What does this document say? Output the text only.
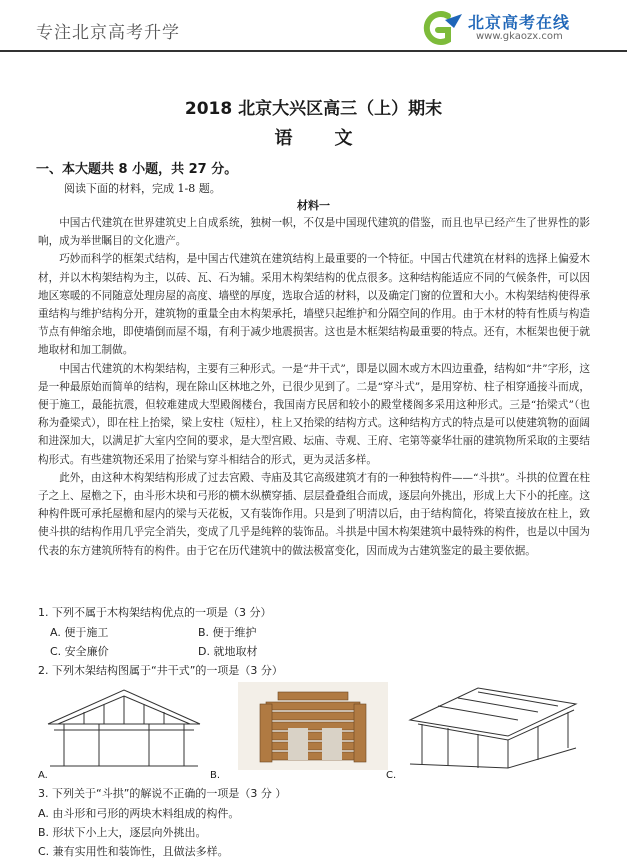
专注北京高考升学
北京高考在线
www.gkaozx.com
2018 北京大兴区高三（上）期末
语文
一、本大题共 8 小题，共 27 分。
阅读下面的材料，完成 1-8 题。
材料一

中国古代建筑在世界建筑史上自成系统，独树一帜，不仅是中国现代建筑的借鉴，而且也早已经产生了世界性的影响，成为举世瞩目的文化遗产。

巧妙而科学的框架式结构，是中国古代建筑在建筑结构上最重要的一个特征。中国古代建筑在材料的选择上偏爱木材，并以木构架结构为主，以砖、瓦、石为辅。采用木构架结构的优点很多。这种结构能适应不同的气候条件，可以因地区寒暖的不同随意处理房屋的高度、墙壁的厚度，选取合适的材料，以及确定门窗的位置和大小。木构架结构使得承重结构与维护结构分开，建筑物的重量全由木构架承托，墙壁只起维护和分隔空间的作用。由于木材的特有性质与构造节点有伸缩余地，即使墙倒而屋不塌，有利于减少地震损害。这也是木框架结构最重要的特点。还有，木框架也便于就地取材和加工制做。

中国古代建筑的木构架结构，主要有三种形式。一是“井干式”，即是以圆木或方木四边重叠，结构如“井”字形，这是一种最原始而简单的结构，现在除山区林地之外，已很少见到了。二是“穿斗式”，是用穿枋、柱子相穿通接斗而成，便于施工，最能抗震，但较难建成大型殿阁楼台，我国南方民居和较小的殿堂楼阁多采用这种形式。三是“抬梁式”（也称为叠梁式），即在柱上抬梁，梁上安柱（短柱），柱上又抬梁的结构方式。这种结构方式的特点是可以使建筑物的面阔和进深加大，以满足扩大室内空间的要求，是大型宫殿、坛庙、寺观、王府、宅第等豪华壮丽的建筑物所采取的主要结构形式。有些建筑物还采用了抬梁与穿斗相结合的形式，更为灵活多样。

此外，由这种木构架结构形成了过去宫殿、寺庙及其它高级建筑才有的一种独特构件——“斗拱”。斗拱的位置在柱子之上、屋檐之下，由斗形木块和弓形的横木纵横穿插、层层叠叠组合而成，逐层向外挑出，形成上大下小的托座。这种构件既可承托屋檐和屋内的梁与天花板，又有装饰作用。只是到了明清以后，由于结构简化，将梁直接放在柱上，致使斗拱的结构作用几乎完全消失，变成了几乎是纯粹的装饰品。斗拱是中国木构架建筑中最特殊的构件，也是以中国为代表的东方建筑所特有的构件。由于它在历代建筑中的做法极富变化，因而成为古建筑鉴定的最主要依据。

1. 下列不属于木构架结构优点的一项是（3 分）
A. 便于施工	B. 便于维护
C. 安全廉价	D. 就地取材
2. 下列木架结构图属于“井干式”的一项是（3 分）
A.	B.	C.
3. 下列关于“斗拱”的解说不正确的一项是（3 分 ）
A. 由斗形和弓形的两块木料组成的构件。
B. 形状下小上大，逐层向外挑出。
C. 兼有实用性和装饰性，且做法多样。
